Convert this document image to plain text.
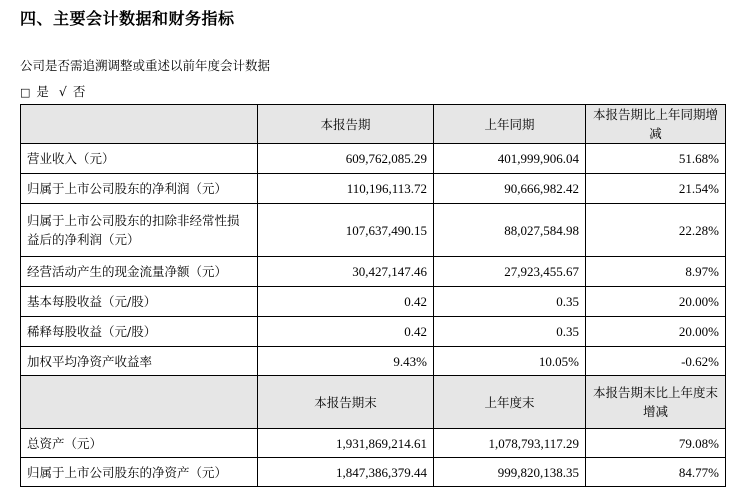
四、主要会计数据和财务指标
公司是否需追溯调整或重述以前年度会计数据
□ 是 √ 否
	本报告期	上年同期	本报告期比上年同期增减
营业收入（元）	609,762,085.29	401,999,906.04	51.68%
归属于上市公司股东的净利润（元）	110,196,113.72	90,666,982.42	21.54%
归属于上市公司股东的扣除非经常性损益后的净利润（元）	107,637,490.15	88,027,584.98	22.28%
经营活动产生的现金流量净额（元）	30,427,147.46	27,923,455.67	8.97%
基本每股收益（元/股）	0.42	0.35	20.00%
稀释每股收益（元/股）	0.42	0.35	20.00%
加权平均净资产收益率	9.43%	10.05%	-0.62%
	本报告期末	上年度末	本报告期末比上年度末增减
总资产（元）	1,931,869,214.61	1,078,793,117.29	79.08%
归属于上市公司股东的净资产（元）	1,847,386,379.44	999,820,138.35	84.77%
